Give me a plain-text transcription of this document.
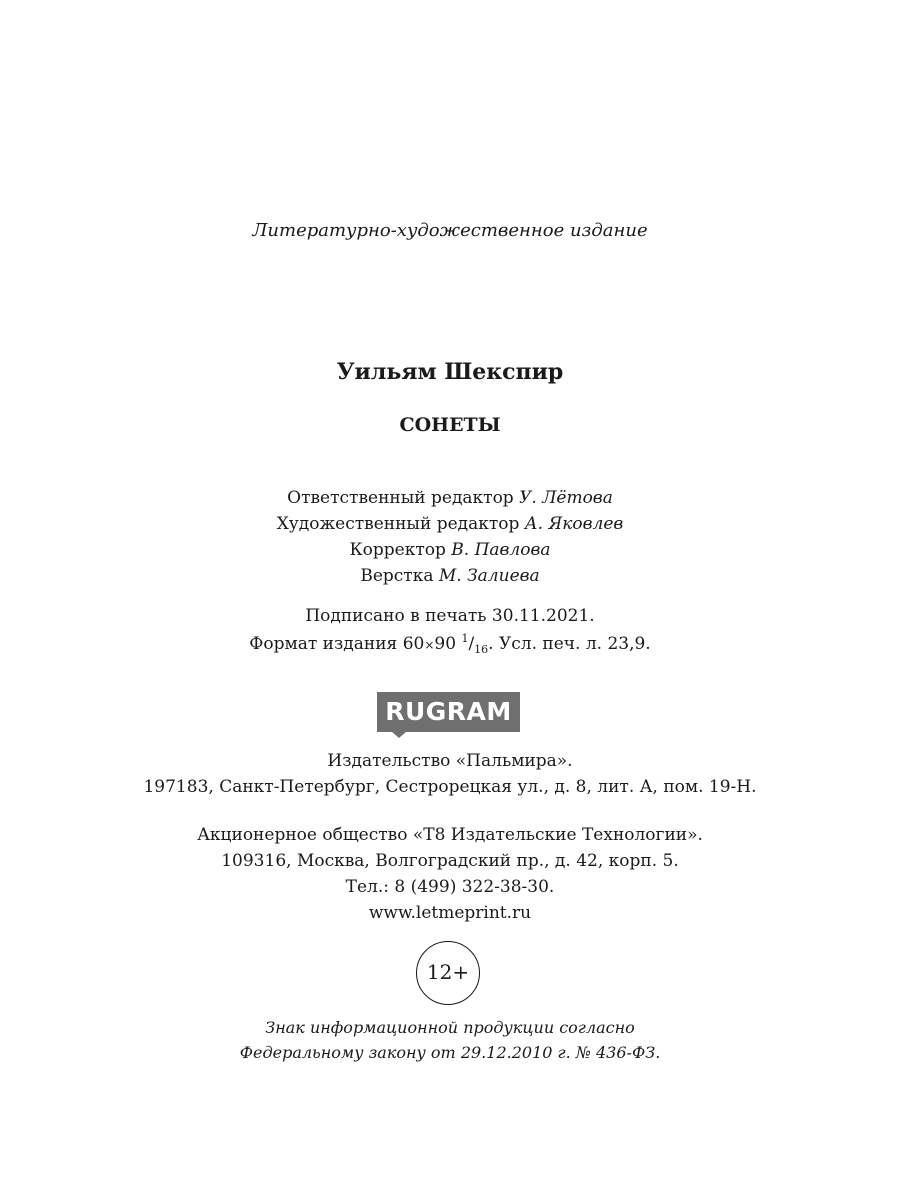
Литературно-художественное издание
Уильям Шекспир
СОНЕТЫ
Ответственный редактор У. Лётова
Художественный редактор А. Яковлев
Корректор В. Павлова
Верстка М. Залиева
Подписано в печать 30.11.2021.
Формат издания 60×90 $^1/_{16}$. Усл. печ. л. 23,9.
RUGRAM
Издательство «Пальмира».
197183, Санкт-Петербург, Сестрорецкая ул., д. 8, лит. А, пом. 19-Н.
Акционерное общество «Т8 Издательские Технологии».
109316, Москва, Волгоградский пр., д. 42, корп. 5.
Тел.: 8 (499) 322-38-30.
www.letmeprint.ru
12+
Знак информационной продукции согласно
Федеральному закону от 29.12.2010 г. № 436-ФЗ.
